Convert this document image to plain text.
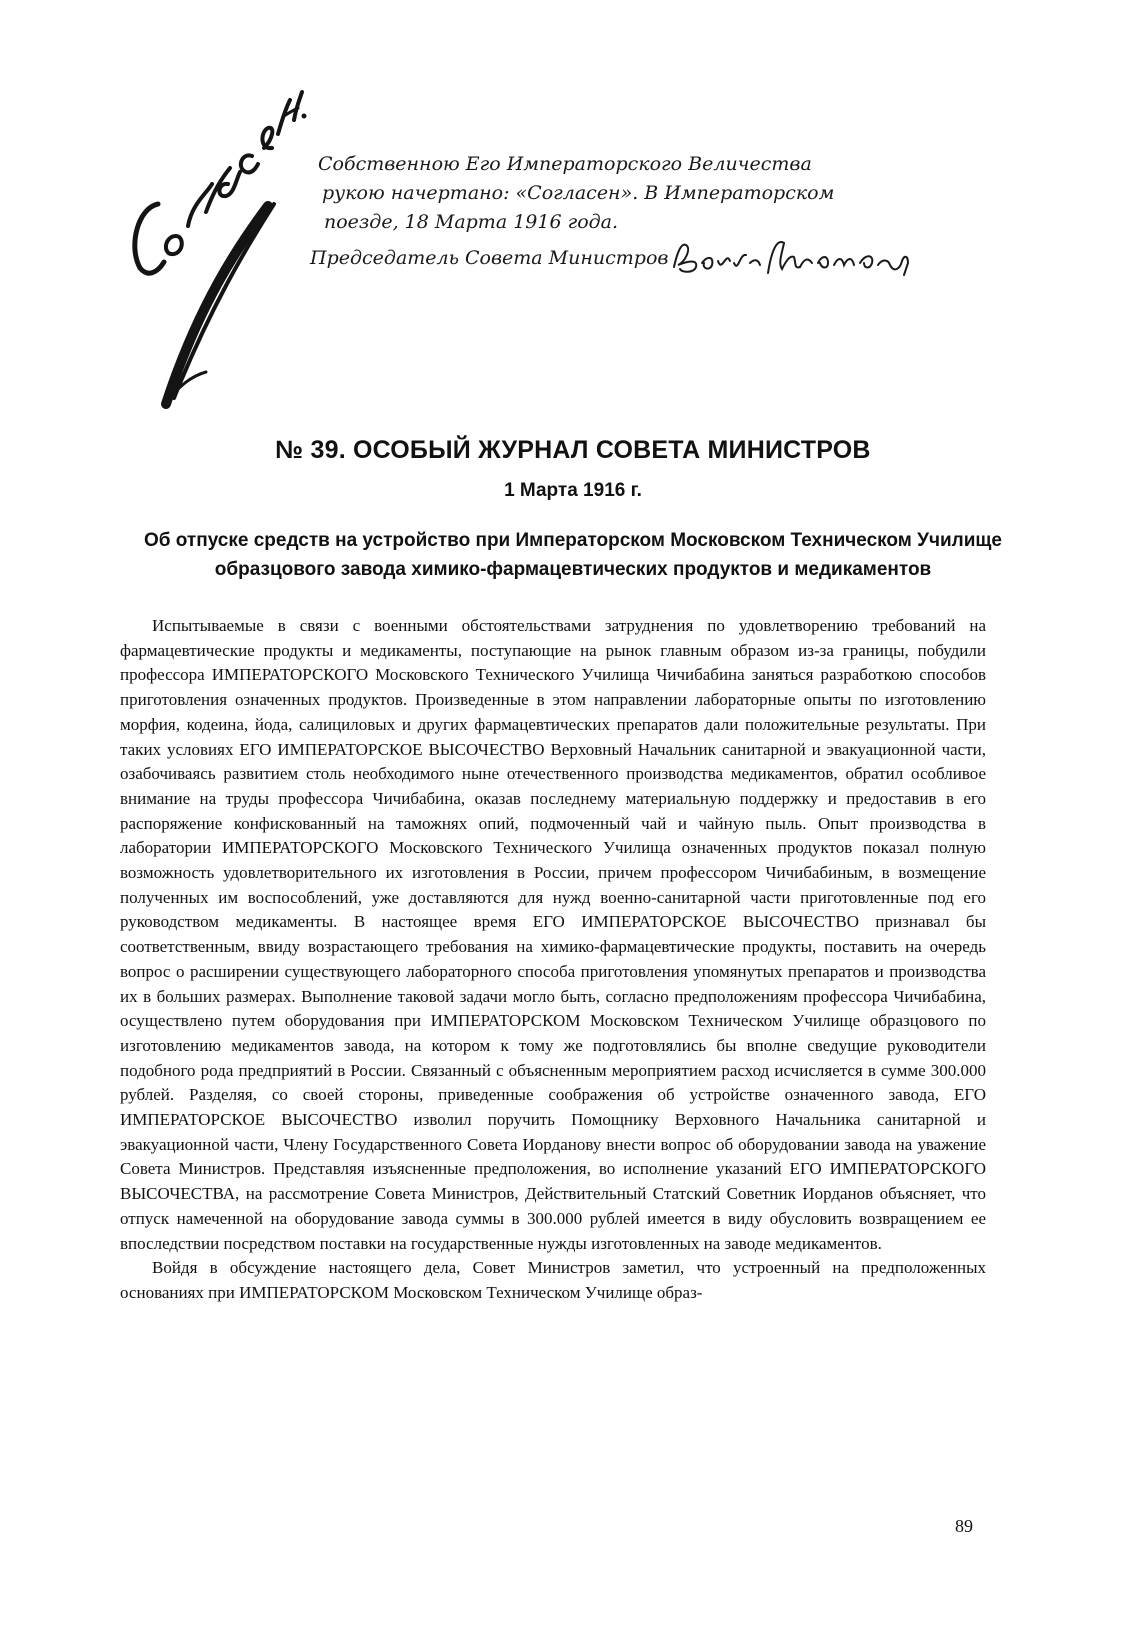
Собственною Его Императорского Величества
рукою начертано: «Согласен». В Императорском
поезде, 18 Марта 1916 года.
Председатель Совета Министров
№ 39. ОСОБЫЙ ЖУРНАЛ СОВЕТА МИНИСТРОВ
1 Марта 1916 г.
Об отпуске средств на устройство при Императорском Московском Техническом Училище образцового завода химико-фармацевтических продуктов и медикаментов

Испытываемые в связи с военными обстоятельствами затруднения по удовлетворению требований на фармацевтические продукты и медикаменты, поступающие на рынок главным образом из-за границы, побудили профессора ИМПЕРАТОРСКОГО Московского Технического Училища Чичибабина заняться разработкою способов приготовления означенных продуктов. Произведенные в этом направлении лабораторные опыты по изготовлению морфия, кодеина, йода, салициловых и других фармацевтических препаратов дали положительные результаты. При таких условиях ЕГО ИМПЕРАТОРСКОЕ ВЫСОЧЕСТВО Верховный Начальник санитарной и эвакуационной части, озабочиваясь развитием столь необходимого ныне отечественного производства медикаментов, обратил особливое внимание на труды профессора Чичибабина, оказав последнему материальную поддержку и предоставив в его распоряжение конфискованный на таможнях опий, подмоченный чай и чайную пыль. Опыт производства в лаборатории ИМПЕРАТОРСКОГО Московского Технического Училища означенных продуктов показал полную возможность удовлетворительного их изготовления в России, причем профессором Чичибабиным, в возмещение полученных им воспособлений, уже доставляются для нужд военно-санитарной части приготовленные под его руководством медикаменты. В настоящее время ЕГО ИМПЕРАТОРСКОЕ ВЫСОЧЕСТВО признавал бы соответственным, ввиду возрастающего требования на химико-фармацевтические продукты, поставить на очередь вопрос о расширении существующего лабораторного способа приготовления упомянутых препаратов и производства их в больших размерах. Выполнение таковой задачи могло быть, согласно предположениям профессора Чичибабина, осуществлено путем оборудования при ИМПЕРАТОРСКОМ Московском Техническом Училище образцового по изготовлению медикаментов завода, на котором к тому же подготовлялись бы вполне сведущие руководители подобного рода предприятий в России. Связанный с объясненным мероприятием расход исчисляется в сумме 300.000 рублей. Разделяя, со своей стороны, приведенные соображения об устройстве означенного завода, ЕГО ИМПЕРАТОРСКОЕ ВЫСОЧЕСТВО изволил поручить Помощнику Верховного Начальника санитарной и эвакуационной части, Члену Государственного Совета Иорданову внести вопрос об оборудовании завода на уважение Совета Министров. Представляя изъясненные предположения, во исполнение указаний ЕГО ИМПЕРАТОРСКОГО ВЫСОЧЕСТВА, на рассмотрение Совета Министров, Действительный Статский Советник Иорданов объясняет, что отпуск намеченной на оборудование завода суммы в 300.000 рублей имеется в виду обусловить возвращением ее впоследствии посредством поставки на государственные нужды изготовленных на заводе медикаментов.

Войдя в обсуждение настоящего дела, Совет Министров заметил, что устроенный на предположенных основаниях при ИМПЕРАТОРСКОМ Московском Техническом Училище образ-

89
